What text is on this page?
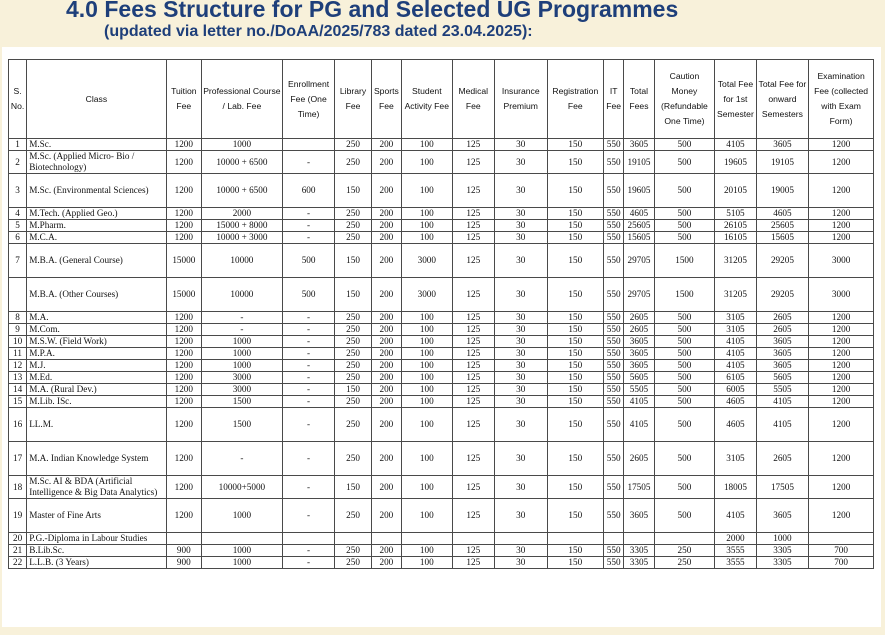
4.0 Fees Structure for PG and Selected UG Programmes
(updated via letter no./DoAA/2025/783 dated 23.04.2025):
S. No.	Class	Tuition Fee	Professional Course / Lab. Fee	Enrollment Fee (One Time)	Library Fee	Sports Fee	Student Activity Fee	Medical Fee	Insurance Premium	Registration Fee	IT Fee	Total Fees	Caution Money (Refundable One Time)	Total Fee for 1st Semester	Total Fee for onward Semesters	Examination Fee (collected with Exam Form)
1	M.Sc.	1200	1000		250	200	100	125	30	150	550	3605	500	4105	3605	1200
2	M.Sc. (Applied Micro- Bio / Biotechnology)	1200	10000 + 6500	-	250	200	100	125	30	150	550	19105	500	19605	19105	1200
3	M.Sc. (Environmental Sciences)	1200	10000 + 6500	600	150	200	100	125	30	150	550	19605	500	20105	19005	1200
4	M.Tech. (Applied Geo.)	1200	2000	-	250	200	100	125	30	150	550	4605	500	5105	4605	1200
5	M.Pharm.	1200	15000 + 8000	-	250	200	100	125	30	150	550	25605	500	26105	25605	1200
6	M.C.A.	1200	10000 + 3000	-	250	200	100	125	30	150	550	15605	500	16105	15605	1200
7	M.B.A. (General Course)	15000	10000	500	150	200	3000	125	30	150	550	29705	1500	31205	29205	3000
	M.B.A. (Other Courses)	15000	10000	500	150	200	3000	125	30	150	550	29705	1500	31205	29205	3000
8	M.A.	1200	-	-	250	200	100	125	30	150	550	2605	500	3105	2605	1200
9	M.Com.	1200	-	-	250	200	100	125	30	150	550	2605	500	3105	2605	1200
10	M.S.W. (Field Work)	1200	1000	-	250	200	100	125	30	150	550	3605	500	4105	3605	1200
11	M.P.A.	1200	1000	-	250	200	100	125	30	150	550	3605	500	4105	3605	1200
12	M.J.	1200	1000	-	250	200	100	125	30	150	550	3605	500	4105	3605	1200
13	M.Ed.	1200	3000	-	250	200	100	125	30	150	550	5605	500	6105	5605	1200
14	M.A. (Rural Dev.)	1200	3000	-	150	200	100	125	30	150	550	5505	500	6005	5505	1200
15	M.Lib. ISc.	1200	1500	-	250	200	100	125	30	150	550	4105	500	4605	4105	1200
16	LL.M.	1200	1500	-	250	200	100	125	30	150	550	4105	500	4605	4105	1200
17	M.A. Indian Knowledge System	1200	-	-	250	200	100	125	30	150	550	2605	500	3105	2605	1200
18	M.Sc. AI & BDA (Artificial Intelligence & Big Data Analytics)	1200	10000+5000	-	150	200	100	125	30	150	550	17505	500	18005	17505	1200
19	Master of Fine Arts	1200	1000	-	250	200	100	125	30	150	550	3605	500	4105	3605	1200
20	P.G.-Diploma in Labour Studies													2000	1000	
21	B.Lib.Sc.	900	1000	-	250	200	100	125	30	150	550	3305	250	3555	3305	700
22	L.L.B. (3 Years)	900	1000	-	250	200	100	125	30	150	550	3305	250	3555	3305	700
